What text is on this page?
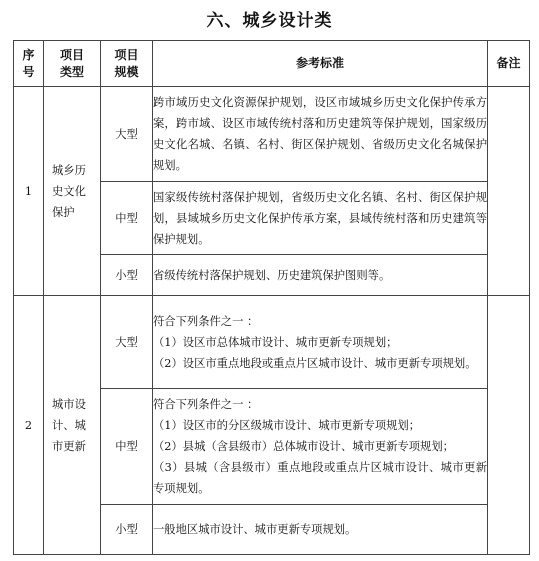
六、城乡设计类
序号	项目类型	项目规模	参考标准	备注
1	城乡历史文化保护	大型	跨市域历史文化资源保护规划，设区市域城乡历史文化保护传承方案，跨市域、设区市域传统村落和历史建筑等保护规划，国家级历史文化名城、名镇、名村、街区保护规划、省级历史文化名城保护规划。	

		中型	国家级传统村落保护规划，省级历史文化名镇、名村、街区保护规划，县域城乡历史文化保护传承方案，县域传统村落和历史建筑等保护规划。	

		小型	省级传统村落保护规划、历史建筑保护图则等。	

2	城市设计、城市更新	大型	符合下列条件之一 ：
（1）设区市总体城市设计、城市更新专项规划；
（2）设区市重点地段或重点片区城市设计、城市更新专项规划。	

		中型	符合下列条件之一 ：
（1）设区市的分区级城市设计、城市更新专项规划；
（2）县城（含县级市）总体城市设计、城市更新专项规划；
（3）县城（含县级市）重点地段或重点片区城市设计、城市更新专项规划。	

		小型	一般地区城市设计、城市更新专项规划。	
